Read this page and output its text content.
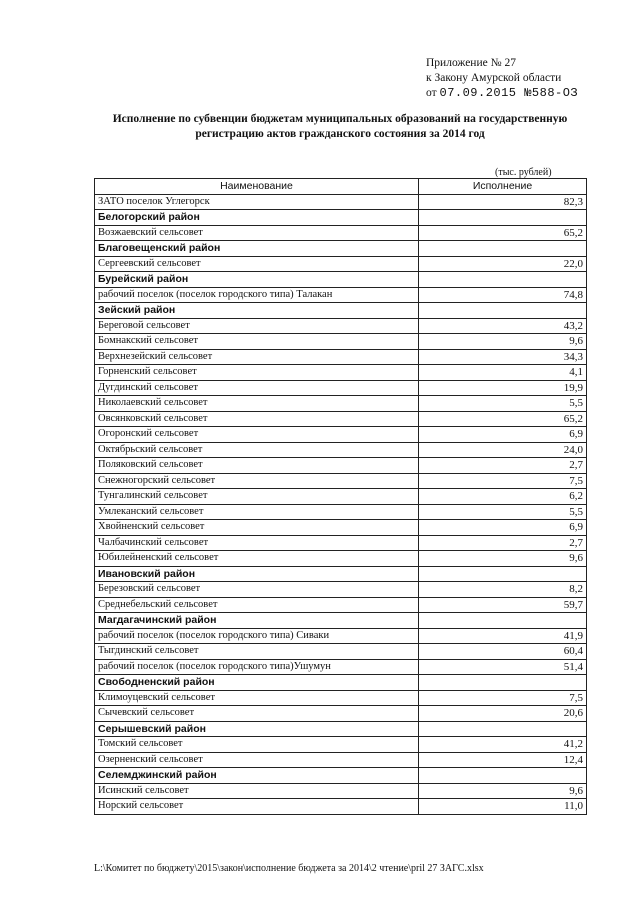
Приложение № 27
к Закону Амурской области
от 07.09.2015 №588-ОЗ
Исполнение по субвенции бюджетам муниципальных образований на государственную регистрацию актов гражданского состояния за 2014 год
(тыс. рублей)
Наименование	Исполнение
ЗАТО поселок Углегорск	82,3
Белогорский район	
Возжаевский сельсовет	65,2
Благовещенский район	
Сергеевский сельсовет	22,0
Бурейский район	
рабочий поселок (поселок городского типа) Талакан	74,8
Зейский район	
Береговой сельсовет	43,2
Бомнакский сельсовет	9,6
Верхнезейский сельсовет	34,3
Горненский сельсовет	4,1
Дугдинский сельсовет	19,9
Николаевский сельсовет	5,5
Овсянковский сельсовет	65,2
Огоронский сельсовет	6,9
Октябрьский сельсовет	24,0
Поляковский сельсовет	2,7
Снежногорский сельсовет	7,5
Тунгалинский сельсовет	6,2
Умлеканский сельсовет	5,5
Хвойненский сельсовет	6,9
Чалбачинский сельсовет	2,7
Юбилейненский сельсовет	9,6
Ивановский район	
Березовский сельсовет	8,2
Среднебельский сельсовет	59,7
Магдагачинский район	
рабочий поселок (поселок городского типа) Сиваки	41,9
Тыгдинский сельсовет	60,4
рабочий поселок (поселок городского типа)Ушумун	51,4
Свободненский район	
Климоуцевский сельсовет	7,5
Сычевский сельсовет	20,6
Серышевский район	
Томский сельсовет	41,2
Озерненский сельсовет	12,4
Селемджинский район	
Исинский сельсовет	9,6
Норский сельсовет	11,0
L:\Комитет по бюджету\2015\закон\исполнение бюджета за 2014\2 чтение\pril 27 ЗАГС.xlsx
